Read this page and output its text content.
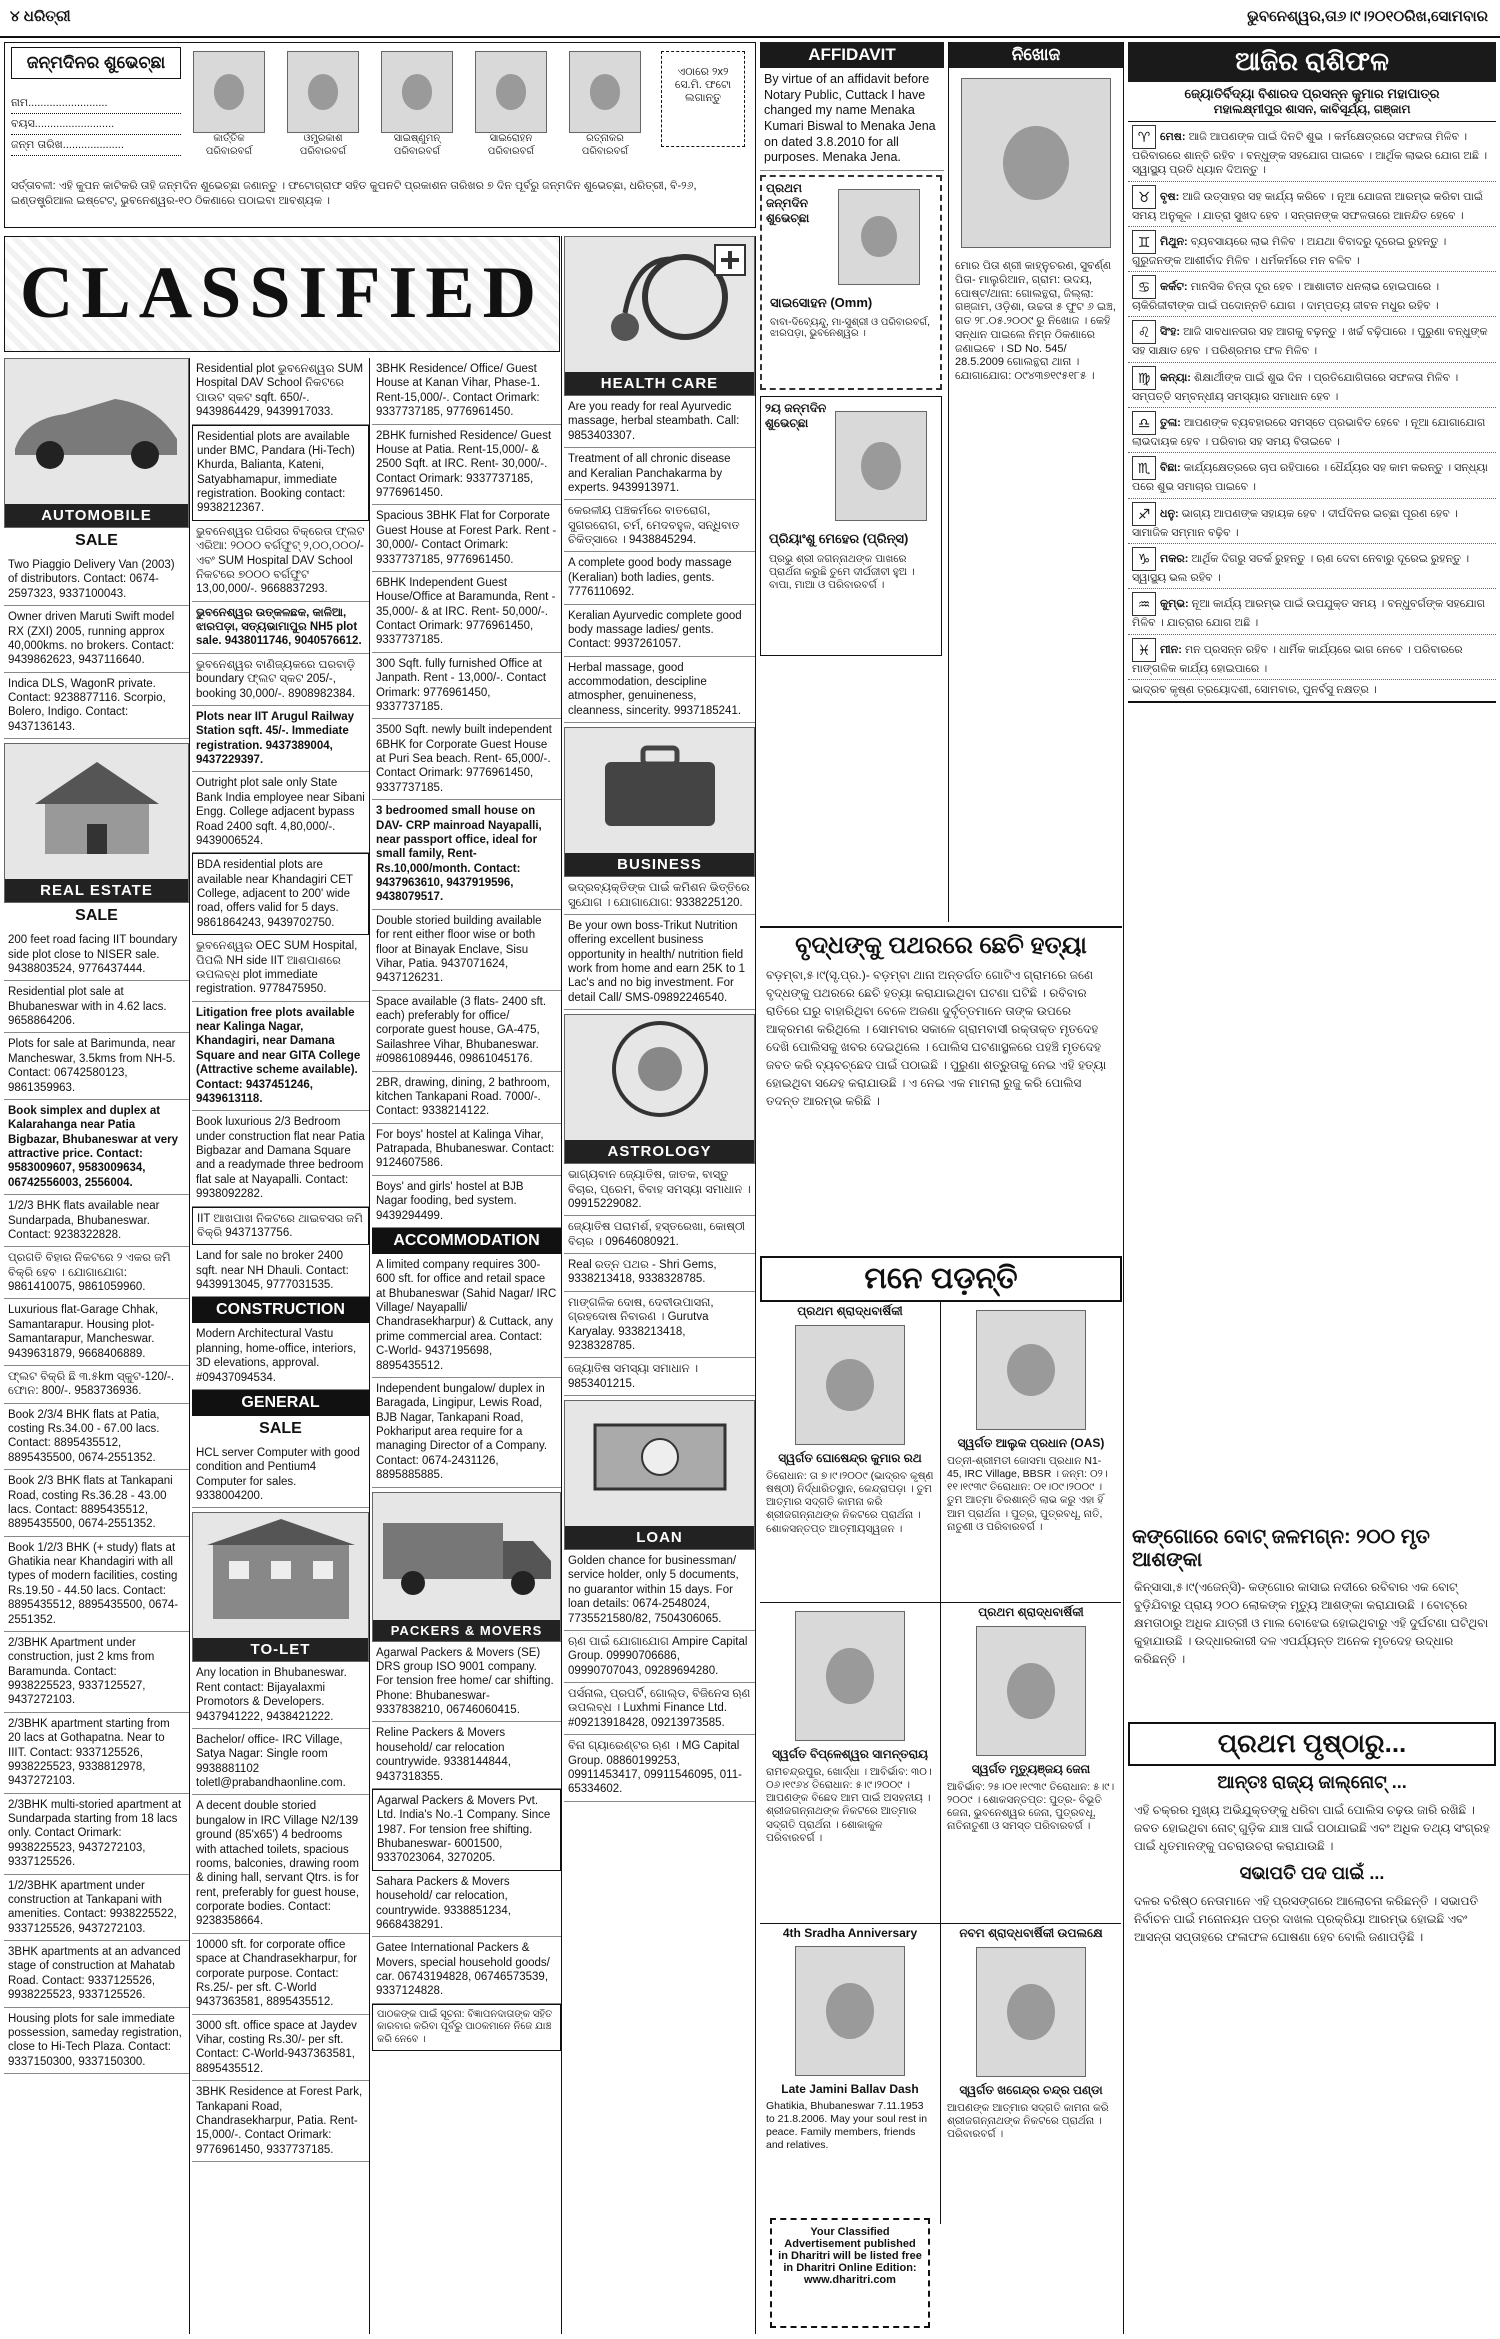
୪ ଧରିତ୍ରୀ	ଭୁବନେଶ୍ୱର,ତା୬।୯।୨୦୧୦ରିଖ,ସୋମବାର
ଜନ୍ମଦିନର ଶୁଭେଚ୍ଛା
ନାମ..........................
ବୟସ..........................
ଜନ୍ମ ତାରିଖ....................
କାର୍ତ୍ତିକ ପରିବାରବର୍ଗ
ଓମ୍ପ୍ରକାଶ ପରିବାରବର୍ଗ
ସାଇଷ୍ଣୁମନ୍ ପରିବାରବର୍ଗ
ସାଇରୋହନ ପରିବାରବର୍ଗ
ରତ୍ନାକର ପରିବାରବର୍ଗ
ଏଠାରେ ୨x୨ ସେ.ମି. ଫଟୋ ଲଗାନ୍ତୁ
ସର୍ତ୍ତାବଳୀ: ଏହି କୁପନ କାଟିକରି ତାହି ଜନ୍ମଦିନ ଶୁଭେଚ୍ଛା ଜଣାନ୍ତୁ । ଫଟୋଗ୍ରାଫ ସହିତ କୁପନଟି ପ୍ରକାଶନ ତାରିଖର ୭ ଦିନ ପୂର୍ବରୁ ଜନ୍ମଦିନ ଶୁଭେଚ୍ଛା, ଧରିତ୍ରୀ, ବି-୨୬, ଇଣ୍ଡଷ୍ଟ୍ରିଆଲ ଇଷ୍ଟେଟ୍, ଭୁବନେଶ୍ୱର-୧୦ ଠିକଣାରେ ପଠାଇବା ଆବଶ୍ୟକ ।
CLASSIFIED
AUTOMOBILE
SALE
Two Piaggio Delivery Van (2003) of distributors. Contact: 0674-2597323, 9337100043.
Owner driven Maruti Swift model RX (ZXI) 2005, running approx 40,000kms. no brokers. Contact: 9439862623, 9437116640.
Indica DLS, WagonR private. Contact: 9238877116. Scorpio, Bolero, Indigo. Contact: 9437136143.
REAL ESTATE
SALE
200 feet road facing IIT boundary side plot close to NISER sale. 9438803524, 9776437444.
Residential plot sale at Bhubaneswar with in 4.62 lacs. 9658864206.
Plots for sale at Barimunda, near Mancheswar, 3.5kms from NH-5. Contact: 06742580123, 9861359963.
Book simplex and duplex at Kalarahanga near Patia Bigbazar, Bhubaneswar at very attractive price. Contact: 9583009607, 9583009634, 06742556003, 2556004.
1/2/3 BHK flats available near Sundarpada, Bhubaneswar. Contact: 9238322828.
ପ୍ରଗତି ବିହାର ନିକଟରେ ୨ ଏକର ଜମି ବିକ୍ରି ହେବ । ଯୋଗାଯୋଗ: 9861410075, 9861059960.
Luxurious flat-Garage Chhak, Samantarapur. Housing plot-Samantarapur, Mancheswar. 9439631879, 9668406889.
ଫ୍ଲଟ ବିକ୍ରି ଛି ୩.୫km ସ୍କୁଟ-120/-. ଫୋନ: 800/-. 9583736936.
Book 2/3/4 BHK flats at Patia, costing Rs.34.00 - 67.00 lacs. Contact: 8895435512, 8895435500, 0674-2551352.
Book 2/3 BHK flats at Tankapani Road, costing Rs.36.28 - 43.00 lacs. Contact: 8895435512, 8895435500, 0674-2551352.
Book 1/2/3 BHK (+ study) flats at Ghatikia near Khandagiri with all types of modern facilities, costing Rs.19.50 - 44.50 lacs. Contact: 8895435512, 8895435500, 0674-2551352.
2/3BHK Apartment under construction, just 2 kms from Baramunda. Contact: 9938225523, 9337125527, 9437272103.
2/3BHK apartment starting from 20 lacs at Gothapatna. Near to IIIT. Contact: 9337125526, 9938225523, 9338812978, 9437272103.
2/3BHK multi-storied apartment at Sundarpada starting from 18 lacs only. Contact Orimark: 9938225523, 9437272103, 9337125526.
1/2/3BHK apartment under construction at Tankapani with amenities. Contact: 9938225522, 9337125526, 9437272103.
3BHK apartments at an advanced stage of construction at Mahatab Road. Contact: 9337125526, 9938225523, 9337125526.
Housing plots for sale immediate possession, sameday registration, close to Hi-Tech Plaza. Contact: 9337150300, 9337150300.
Residential plot ଭୁବନେଶ୍ୱର SUM Hospital DAV School ନିକଟରେ ପାଉଟ ସ୍କଟ sqft. 650/-. 9439864429, 9439917033.
Residential plots are available under BMC, Pandara (Hi-Tech) Khurda, Balianta, Kateni, Satyabhamapur, immediate registration. Booking contact: 9938212367.
ଭୁବନେଶ୍ୱର ପରିସର ବିକ୍ରେତା ଫ୍ଲଟ ଏରିଆ: ୨୦୦୦ ବର୍ଗଫୁଟ୍ ୨,୦୦,୦୦୦/- ଏବଂ SUM Hospital DAV School ନିକଟରେ ୭୦୦୦ ବର୍ଗଫୁଟ 13,00,000/-. 9668837293.
ଭୁବନେଶ୍ୱର ଉତ୍କଳଛକ, କାଳିଆ, ଝାରପଡ଼ା, ସତ୍ୟଭାମାପୁର NH5 plot sale. 9438011746, 9040576612.
ଭୁବନେଶ୍ୱର ବାଣିଜ୍ୟକରେ ଘରବାଡ଼ି boundary ଫ୍ଲଟ ସ୍କଟ 205/-, booking 30,000/-. 8908982384.
Plots near IIT Arugul Railway Station sqft. 45/-. Immediate registration. 9437389004, 9437229397.
Outright plot sale only State Bank India employee near Sibani Engg. College adjacent bypass Road 2400 sqft. 4,80,000/-. 9439006524.
BDA residential plots are available near Khandagiri CET College, adjacent to 200' wide road, offers valid for 5 days. 9861864243, 9439702750.
ଭୁବନେଶ୍ୱର OEC SUM Hospital, ପିପଲି NH side IIT ଆଶପାଶରେ ଉପଲବ୍ଧ plot immediate registration. 9778475950.
Litigation free plots available near Kalinga Nagar, Khandagiri, near Damana Square and near GITA College (Attractive scheme available). Contact: 9437451246, 9439613118.
Book luxurious 2/3 Bedroom under construction flat near Patia Bigbazar and Damana Square and a readymade three bedroom flat sale at Nayapalli. Contact: 9938092282.
IIT ଆଖପାଖ ନିକଟରେ ଥାଇବସର ଜମି ବିକ୍ରି 9437137756.
Land for sale no broker 2400 sqft. near NH Dhauli. Contact: 9439913045, 9777031535.
CONSTRUCTION
Modern Architectural Vastu planning, home-office, interiors, 3D elevations, approval. #09437094534.
GENERAL
SALE
HCL server Computer with good condition and Pentium4 Computer for sales. 9338004200.
TO-LET
Any location in Bhubaneswar. Rent contact: Bijayalaxmi Promotors & Developers. 9437941222, 9438421222.
Bachelor/ office- IRC Village, Satya Nagar: Single room 9938881102 toletl@prabandhaonline.com.
A decent double storied bungalow in IRC Village N2/139 ground (85'x65') 4 bedrooms with attached toilets, spacious rooms, balconies, drawing room & dining hall, servant Qtrs. is for rent, preferably for guest house, corporate bodies. Contact: 9238358664.
10000 sft. for corporate office space at Chandrasekharpur, for corporate purpose. Contact: Rs.25/- per sft. C-World 9437363581, 8895435512.
3000 sft. office space at Jaydev Vihar, costing Rs.30/- per sft. Contact: C-World-9437363581, 8895435512.
3BHK Residence at Forest Park, Tankapani Road, Chandrasekharpur, Patia. Rent-15,000/-. Contact Orimark: 9776961450, 9337737185.
3BHK Residence/ Office/ Guest House at Kanan Vihar, Phase-1. Rent-15,000/-. Contact Orimark: 9337737185, 9776961450.
2BHK furnished Residence/ Guest House at Patia. Rent-15,000/- & 2500 Sqft. at IRC. Rent- 30,000/-. Contact Orimark: 9337737185, 9776961450.
Spacious 3BHK Flat for Corporate Guest House at Forest Park. Rent - 30,000/- Contact Orimark: 9337737185, 9776961450.
6BHK Independent Guest House/Office at Baramunda, Rent - 35,000/- & at IRC. Rent- 50,000/-. Contact Orimark: 9776961450, 9337737185.
300 Sqft. fully furnished Office at Janpath. Rent - 13,000/-. Contact Orimark: 9776961450, 9337737185.
3500 Sqft. newly built independent 6BHK for Corporate Guest House at Puri Sea beach. Rent- 65,000/-. Contact Orimark: 9776961450, 9337737185.
3 bedroomed small house on DAV- CRP mainroad Nayapalli, near passport office, ideal for small family, Rent- Rs.10,000/month. Contact: 9437963610, 9437919596, 9438079517.
Double storied building available for rent either floor wise or both floor at Binayak Enclave, Sisu Vihar, Patia. 9437071624, 9437126231.
Space available (3 flats- 2400 sft. each) preferably for office/ corporate guest house, GA-475, Sailashree Vihar, Bhubaneswar. #09861089446, 09861045176.
2BR, drawing, dining, 2 bathroom, kitchen Tankapani Road. 7000/-. Contact: 9338214122.
For boys' hostel at Kalinga Vihar, Patrapada, Bhubaneswar. Contact: 9124607586.
Boys' and girls' hostel at BJB Nagar fooding, bed system. 9439294499.
ACCOMMODATION
A limited company requires 300- 600 sft. for office and retail space at Bhubaneswar (Sahid Nagar/ IRC Village/ Nayapalli/ Chandrasekharpur) & Cuttack, any prime commercial area. Contact: C-World- 9437195698, 8895435512.
Independent bungalow/ duplex in Baragada, Lingipur, Lewis Road, BJB Nagar, Tankapani Road, Pokhariput area require for a managing Director of a Company. Contact: 0674-2431126, 8895885885.
PACKERS & MOVERS
Agarwal Packers & Movers (SE) DRS group ISO 9001 company. For tension free home/ car shifting. Phone: Bhubaneswar- 9337838210, 06746060415.
Reline Packers & Movers household/ car relocation countrywide. 9338144844, 9437318355.
Agarwal Packers & Movers Pvt. Ltd. India's No.-1 Company. Since 1987. For tension free shifting. Bhubaneswar- 6001500, 9337023064, 3270205.
Sahara Packers & Movers household/ car relocation, countrywide. 9338851234, 9668438291.
Gatee International Packers & Movers, special household goods/ car. 06743194828, 06746573539, 9337124828.
ପାଠକଙ୍କ ପାଇଁ ସୂଚନା: ବିଜ୍ଞାପନଦାତାଙ୍କ ସହିତ କାରବାର କରିବା ପୂର୍ବରୁ ପାଠକମାନେ ନିଜେ ଯାଞ୍ଚ କରି ନେବେ ।
HEALTH CARE
Are you ready for real Ayurvedic massage, herbal steambath. Call: 9853403307.
Treatment of all chronic disease and Keralian Panchakarma by experts. 9439913971.
କେରଳୀୟ ପଞ୍ଚକର୍ମରେ ବାତରୋଗ, ସୁଗରରୋଗ, ଚର୍ମ, ମେଦବହୁଳ, ସନ୍ଧିବାତ ଚିକିତ୍ସାରେ । 9438845294.
A complete good body massage (Keralian) both ladies, gents. 7776110692.
Keralian Ayurvedic complete good body massage ladies/ gents. Contact: 9937261057.
Herbal massage, good accommodation, descipline atmospher, genuineness, cleanness, sincerity. 9937185241.
BUSINESS
ଭଦ୍ରବ୍ୟକ୍ତିଙ୍କ ପାଇଁ କମିଶନ ଭିତ୍ତିରେ ସୁଯୋଗ । ଯୋଗାଯୋଗ: 9338225120.
Be your own boss-Trikut Nutrition offering excellent business opportunity in health/ nutrition field work from home and earn 25K to 1 Lac's and no big investment. For detail Call/ SMS-09892246540.
ASTROLOGY
ଭାଗ୍ୟବାନ ଜ୍ୟୋତିଷ, ଜାତକ, ବାସ୍ତୁ ବିଚାର, ପ୍ରେମ, ବିବାହ ସମସ୍ୟା ସମାଧାନ । 09915229082.
ଜ୍ୟୋତିଷ ପରାମର୍ଶ, ହସ୍ତରେଖା, କୋଷ୍ଠୀ ବିଚାର । 09646080921.
Real ରତ୍ନ ପଥର - Shri Gems, 9338213418, 9338328785.
ମାଙ୍ଗଳିକ ଦୋଷ, ଦେବୀଉପାସନା, ଗ୍ରହଦୋଷ ନିବାରଣ । Gurutva Karyalay. 9338213418, 9238328785.
ଜ୍ୟୋତିଷ ସମସ୍ୟା ସମାଧାନ । 9853401215.
LOAN
Golden chance for businessman/ service holder, only 5 documents, no guarantor within 15 days. For loan details: 0674-2548024, 7735521580/82, 7504306065.
ଋଣ ପାଇଁ ଯୋଗାଯୋଗ Ampire Capital Group. 09990706686, 09990707043, 09289694280.
ପର୍ସନାଲ, ପ୍ରପର୍ଟି, ଗୋଲ୍ଡ, ବିଜିନେସ ଋଣ ଉପଲବ୍ଧ । Luxhmi Finance Ltd. #09213918428, 09213973585.
ବିନା ଗ୍ୟାରେଣ୍ଟର ଋଣ । MG Capital Group. 08860199253, 09911453417, 09911546095, 011-65334602.
AFFIDAVIT
By virtue of an affidavit before Notary Public, Cuttack I have changed my name Menaka Kumari Biswal to Menaka Jena on dated 3.8.2010 for all purposes. Menaka Jena.
ପ୍ରଥମ ଜନ୍ମଦିନ ଶୁଭେଚ୍ଛା
ସାଇସୋହନ (Omm)
ବାବା-ଦିବ୍ୟେନ୍ଦୁ, ମା-ସୁଶ୍ରୀ ଓ ପରିବାରବର୍ଗ, ଝାରପଡ଼ା, ଭୁବନେଶ୍ୱର ।
୨ୟ ଜନ୍ମଦିନ ଶୁଭେଚ୍ଛା
ପ୍ରିୟାଂଶୁ ମେହେର (ପ୍ରିନ୍ସ)
ପ୍ରଭୁ ଶ୍ରୀ ଜଗନ୍ନାଥଙ୍କ ପାଖରେ ପ୍ରାର୍ଥନା କରୁଛି ତୁମେ ଦୀର୍ଘଜୀବୀ ହୁଅ । ବାପା, ମାଆ ଓ ପରିବାରବର୍ଗ ।
ନିଖୋଜ
ମୋର ପିତା ଶ୍ରୀ କାହ୍ନୁଚରଣ, ସୁବର୍ଣ୍ଣ ପିତା- ମାଲୁରିଆନ, ଗ୍ରାମ: ଉଦୟ, ପୋଷ୍ଟ/ଥାନା: ଗୋଲନ୍ଥରା, ଜିଲ୍ଲା: ଗଞ୍ଜାମ, ଓଡ଼ିଶା, ଉଚ୍ଚତା ୫ ଫୁଟ ୬ ଇଞ୍ଚ, ଗତ ୨୮.୦୫.୨୦୦୯ ରୁ ନିଖୋଜ । କେହି ସନ୍ଧାନ ପାଇଲେ ନିମ୍ନ ଠିକଣାରେ ଜଣାଇବେ । SD No. 545/ 28.5.2009 ଗୋଲନ୍ଥରା ଥାନା । ଯୋଗାଯୋଗ: ୦୯୪୩୭୧୯୫୧୮୫ ।
ବୃଦ୍ଧଙ୍କୁ ପଥରରେ ଛେଚି ହତ୍ୟା
ବଡ଼ମ୍ବା,୫।୯(ସୃ.ପ୍ର.)- ବଡ଼ମ୍ବା ଥାନା ଅନ୍ତର୍ଗତ ଗୋଟିଏ ଗ୍ରାମରେ ଜଣେ ବୃଦ୍ଧଙ୍କୁ ପଥରରେ ଛେଚି ହତ୍ୟା କରାଯାଇଥିବା ଘଟଣା ଘଟିଛି । ରବିବାର ରାତିରେ ଘରୁ ବାହାରିଥିବା ବେଳେ ଅଜଣା ଦୁର୍ବୃତ୍ତମାନେ ତାଙ୍କ ଉପରେ ଆକ୍ରମଣ କରିଥିଲେ । ସୋମବାର ସକାଳେ ଗ୍ରାମବାସୀ ରକ୍ତାକ୍ତ ମୃତଦେହ ଦେଖି ପୋଲିସକୁ ଖବର ଦେଇଥିଲେ । ପୋଲିସ ଘଟଣାସ୍ଥଳରେ ପହଞ୍ଚି ମୃତଦେହ ଜବତ କରି ବ୍ୟବଚ୍ଛେଦ ପାଇଁ ପଠାଇଛି । ପୁରୁଣା ଶତ୍ରୁତାକୁ ନେଇ ଏହି ହତ୍ୟା ହୋଇଥିବା ସନ୍ଦେହ କରାଯାଉଛି । ଏ ନେଇ ଏକ ମାମଲା ରୁଜୁ କରି ପୋଲିସ ତଦନ୍ତ ଆରମ୍ଭ କରିଛି ।
ମନେ ପଡ଼ନ୍ତି
ପ୍ରଥମ ଶ୍ରାଦ୍ଧବାର୍ଷିକୀ
ସ୍ୱର୍ଗତ ଘୋଷେନ୍ଦ୍ର କୁମାର ରଥ
ତିରୋଧାନ: ତା ୭।୯।୨୦୦୯ (ଭାଦ୍ରବ କୃଷ୍ଣ ଷଷ୍ଠୀ) ନିର୍ଦ୍ଧାରିତସ୍ଥାନ, କେନ୍ଦ୍ରାପଡ଼ା । ତୁମ ଆତ୍ମାର ସଦ୍ଗତି କାମନା କରି ଶ୍ରୀଜଗନ୍ନାଥଙ୍କ ନିକଟରେ ପ୍ରାର୍ଥନା । ଶୋକସନ୍ତପ୍ତ ଆତ୍ମୀୟସ୍ୱଜନ ।
ସ୍ୱର୍ଗତ ଆଲୁକ ପ୍ରଧାନ (OAS)
ପତ୍ନୀ-ଶ୍ରୀମତୀ ଜୋସମା ପ୍ରଧାନ N1-45, IRC Village, BBSR । ଜନ୍ମ: ୦୨।୧୧।୧୯୩୯ ତିରୋଧାନ: ୦୧।୦୯।୨୦୦୯ । ତୁମ ଆତ୍ମା ଚିରଶାନ୍ତି ଲାଭ କରୁ ଏହା ହିଁ ଆମ ପ୍ରାର୍ଥନା । ପୁତ୍ର, ପୁତ୍ରବଧୂ, ନାତି, ନାତୁଣୀ ଓ ପରିବାରବର୍ଗ ।
ସ୍ୱର୍ଗତ ବିପ୍ଳେଶ୍ୱର ସାମନ୍ତରାୟ
ରାମଚନ୍ଦ୍ରପୁର, ଖୋର୍ଦ୍ଧା । ଆବିର୍ଭାବ: ୩୦।୦୬।୧୯୬୪ ତିରୋଧାନ: ୫।୯।୨୦୦୯ । ଆପଣଙ୍କ ବିଛେଦ ଆମ ପାଇଁ ଅସହନୀୟ । ଶ୍ରୀଜଗନ୍ନାଥଙ୍କ ନିକଟରେ ଆତ୍ମାର ସଦ୍ଗତି ପ୍ରାର୍ଥନା । ଶୋକାକୁଳ ପରିବାରବର୍ଗ ।
ପ୍ରଥମ ଶ୍ରାଦ୍ଧବାର୍ଷିକୀ
ସ୍ୱର୍ଗତ ମୃତ୍ୟୁଞ୍ଜୟ ଜେନା
ଆବିର୍ଭାବ: ୨୫।୦୧।୧୯୩୯ ତିରୋଧାନ: ୫।୯।୨୦୦୯ । ଶୋକସନ୍ତପ୍ତ: ପୁତ୍ର- ବିଭୂତି ଜେନା, ଭୁବନେଶ୍ୱର ଜେନା, ପୁତ୍ରବଧୂ, ନାତିନାତୁଣୀ ଓ ସମସ୍ତ ପରିବାରବର୍ଗ ।
4th Sradha Anniversary
Late Jamini Ballav Dash
Ghatikia, Bhubaneswar 7.11.1953 to 21.8.2006. May your soul rest in peace. Family members, friends and relatives.
ନବମ ଶ୍ରାଦ୍ଧବାର୍ଷିକୀ ଉପଲକ୍ଷେ
ସ୍ୱର୍ଗତ ଖଗେନ୍ଦ୍ର ଚନ୍ଦ୍ର ପଣ୍ଡା
ଆପଣଙ୍କ ଆତ୍ମାର ସଦ୍ଗତି କାମନା କରି ଶ୍ରୀଜଗନ୍ନାଥଙ୍କ ନିକଟରେ ପ୍ରାର୍ଥନା । ପରିବାରବର୍ଗ ।
Your Classified Advertisement published in Dharitri will be listed free in Dharitri Online Edition: www.dharitri.com
ଆଜିର ରାଶିଫଳ
ଜ୍ୟୋତିର୍ବିଦ୍ୟା ବିଶାରଦ ପ୍ରସନ୍ନ କୁମାର ମହାପାତ୍ର
ମହାଲକ୍ଷ୍ମୀପୁର ଶାସନ, କାବିସୂର୍ଯ୍ୟ, ଗଞ୍ଜାମ
♈ ମେଷ: ଆଜି ଆପଣଙ୍କ ପାଇଁ ଦିନଟି ଶୁଭ । କର୍ମକ୍ଷେତ୍ରରେ ସଫଳତା ମିଳିବ । ପରିବାରରେ ଶାନ୍ତି ରହିବ । ବନ୍ଧୁଙ୍କ ସହଯୋଗ ପାଇବେ । ଆର୍ଥିକ ଲାଭର ଯୋଗ ଅଛି । ସ୍ୱାସ୍ଥ୍ୟ ପ୍ରତି ଧ୍ୟାନ ଦିଅନ୍ତୁ ।
♉ ବୃଷ: ଆଜି ଉତ୍ସାହର ସହ କାର୍ଯ୍ୟ କରିବେ । ନୂଆ ଯୋଜନା ଆରମ୍ଭ କରିବା ପାଇଁ ସମୟ ଅନୁକୂଳ । ଯାତ୍ରା ସୁଖଦ ହେବ । ସନ୍ତାନଙ୍କ ସଫଳତାରେ ଆନନ୍ଦିତ ହେବେ ।
♊ ମିଥୁନ: ବ୍ୟବସାୟରେ ଲାଭ ମିଳିବ । ଅଯଥା ବିବାଦରୁ ଦୂରେଇ ରୁହନ୍ତୁ । ଗୁରୁଜନଙ୍କ ଆଶୀର୍ବାଦ ମିଳିବ । ଧର୍ମକର୍ମରେ ମନ ବଳିବ ।
♋ କର୍କଟ: ମାନସିକ ଚିନ୍ତା ଦୂର ହେବ । ଆଶାତୀତ ଧନଲାଭ ହୋଇପାରେ । ଚାକିରିଜୀବୀଙ୍କ ପାଇଁ ପଦୋନ୍ନତି ଯୋଗ । ଦାମ୍ପତ୍ୟ ଜୀବନ ମଧୁର ରହିବ ।
♌ ସିଂହ: ଆଜି ସାବଧାନତାର ସହ ଆଗକୁ ବଢ଼ନ୍ତୁ । ଖର୍ଚ୍ଚ ବଢ଼ିପାରେ । ପୁରୁଣା ବନ୍ଧୁଙ୍କ ସହ ସାକ୍ଷାତ ହେବ । ପରିଶ୍ରମର ଫଳ ମିଳିବ ।
♍ କନ୍ୟା: ଶିକ୍ଷାର୍ଥୀଙ୍କ ପାଇଁ ଶୁଭ ଦିନ । ପ୍ରତିଯୋଗିତାରେ ସଫଳତା ମିଳିବ । ସମ୍ପତ୍ତି ସମ୍ବନ୍ଧୀୟ ସମସ୍ୟାର ସମାଧାନ ହେବ ।
♎ ତୁଳା: ଆପଣଙ୍କ ବ୍ୟବହାରରେ ସମସ୍ତେ ପ୍ରଭାବିତ ହେବେ । ନୂଆ ଯୋଗାଯୋଗ ଲାଭଦାୟକ ହେବ । ପରିବାର ସହ ସମୟ ବିତାଇବେ ।
♏ ବିଛା: କାର୍ଯ୍ୟକ୍ଷେତ୍ରରେ ଚାପ ରହିପାରେ । ଧୈର୍ଯ୍ୟର ସହ କାମ କରନ୍ତୁ । ସନ୍ଧ୍ୟା ପରେ ଶୁଭ ସମାଚାର ପାଇବେ ।
♐ ଧନୁ: ଭାଗ୍ୟ ଆପଣଙ୍କ ସହାୟକ ହେବ । ଦୀର୍ଘଦିନର ଇଚ୍ଛା ପୂରଣ ହେବ । ସାମାଜିକ ସମ୍ମାନ ବଢ଼ିବ ।
♑ ମକର: ଆର୍ଥିକ ଦିଗରୁ ସତର୍କ ରୁହନ୍ତୁ । ଋଣ ଦେବା ନେବାରୁ ଦୂରେଇ ରୁହନ୍ତୁ । ସ୍ୱାସ୍ଥ୍ୟ ଭଲ ରହିବ ।
♒ କୁମ୍ଭ: ନୂଆ କାର୍ଯ୍ୟ ଆରମ୍ଭ ପାଇଁ ଉପଯୁକ୍ତ ସମୟ । ବନ୍ଧୁବର୍ଗଙ୍କ ସହଯୋଗ ମିଳିବ । ଯାତ୍ରାର ଯୋଗ ଅଛି ।
♓ ମୀନ: ମନ ପ୍ରସନ୍ନ ରହିବ । ଧାର୍ମିକ କାର୍ଯ୍ୟରେ ଭାଗ ନେବେ । ପରିବାରରେ ମାଙ୍ଗଳିକ କାର୍ଯ୍ୟ ହୋଇପାରେ ।
ଭାଦ୍ରବ କୃଷ୍ଣ ତ୍ରୟୋଦଶୀ, ସୋମବାର, ପୁନର୍ବସୁ ନକ୍ଷତ୍ର ।
କଙ୍ଗୋରେ ବୋଟ୍ ଜଳମଗ୍ନ: ୨୦୦ ମୃତ ଆଶଙ୍କା
କିନ୍ସାସା,୫।୯(ଏଜେନ୍ସି)- କଙ୍ଗୋର କାସାଇ ନଦୀରେ ରବିବାର ଏକ ବୋଟ୍ ବୁଡ଼ିଯିବାରୁ ପ୍ରାୟ ୨୦୦ ଲୋକଙ୍କ ମୃତ୍ୟୁ ଆଶଙ୍କା କରାଯାଉଛି । ବୋଟ୍‌ରେ କ୍ଷମତାଠାରୁ ଅଧିକ ଯାତ୍ରୀ ଓ ମାଲ ବୋଝେଇ ହୋଇଥିବାରୁ ଏହି ଦୁର୍ଘଟଣା ଘଟିଥିବା କୁହାଯାଉଛି । ଉଦ୍ଧାରକାରୀ ଦଳ ଏପର୍ଯ୍ୟନ୍ତ ଅନେକ ମୃତଦେହ ଉଦ୍ଧାର କରିଛନ୍ତି ।
ପ୍ରଥମ ପୃଷ୍ଠାରୁ...
ଆନ୍ତଃ ରାଜ୍ୟ ଜାଲ୍‌ନୋଟ୍ ...
ଏହି ଚକ୍ରର ମୁଖ୍ୟ ଅଭିଯୁକ୍ତଙ୍କୁ ଧରିବା ପାଇଁ ପୋଲିସ ଚଢ଼ଉ ଜାରି ରଖିଛି । ଜବତ ହୋଇଥିବା ନୋଟ୍ ଗୁଡ଼ିକ ଯାଞ୍ଚ ପାଇଁ ପଠାଯାଇଛି ଏବଂ ଅଧିକ ତଥ୍ୟ ସଂଗ୍ରହ ପାଇଁ ଧୃତମାନଙ୍କୁ ପଚରାଉଚରା କରାଯାଉଛି ।
ସଭାପତି ପଦ ପାଇଁ ...
ଦଳର ବରିଷ୍ଠ ନେତାମାନେ ଏହି ପ୍ରସଙ୍ଗରେ ଆଲୋଚନା କରିଛନ୍ତି । ସଭାପତି ନିର୍ବାଚନ ପାଇଁ ମନୋନୟନ ପତ୍ର ଦାଖଲ ପ୍ରକ୍ରିୟା ଆରମ୍ଭ ହୋଇଛି ଏବଂ ଆସନ୍ତା ସପ୍ତାହରେ ଫଳାଫଳ ଘୋଷଣା ହେବ ବୋଲି ଜଣାପଡ଼ିଛି ।
